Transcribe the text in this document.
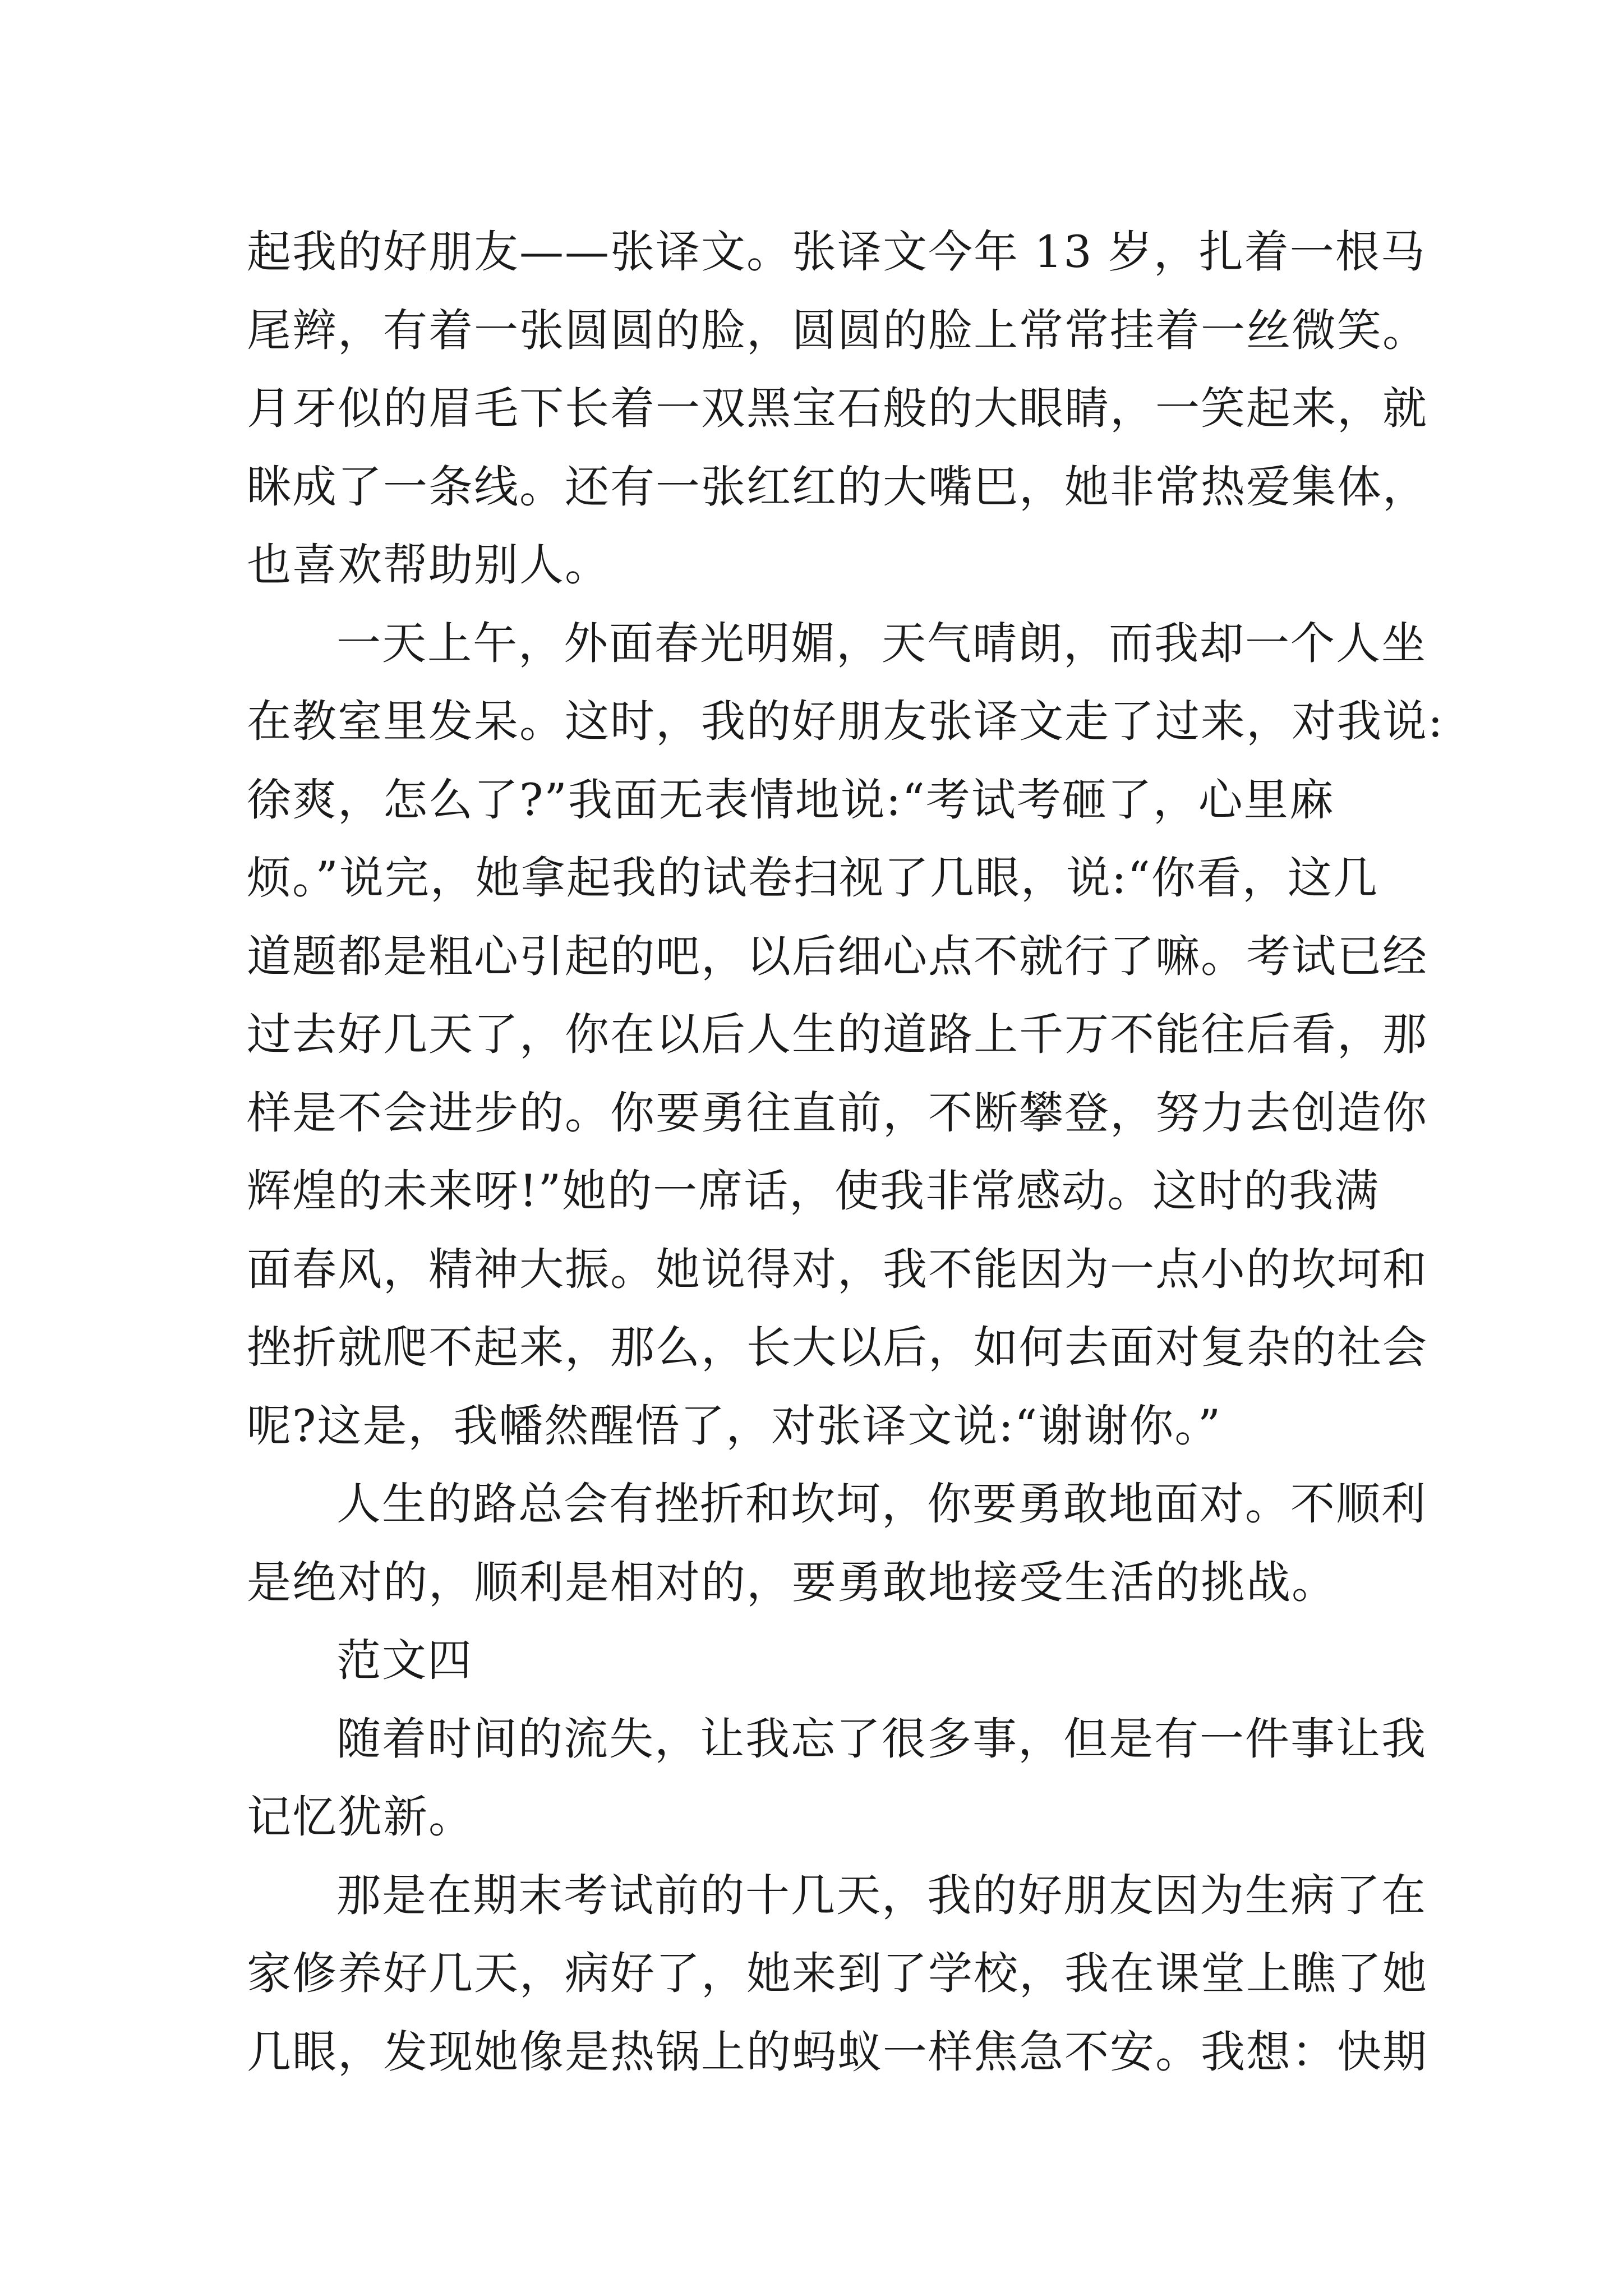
起我的好朋友——张译文。张译文今年 13 岁，扎着一根马
尾辫，有着一张圆圆的脸，圆圆的脸上常常挂着一丝微笑。
月牙似的眉毛下长着一双黑宝石般的大眼睛，一笑起来，就
眯成了一条线。还有一张红红的大嘴巴，她非常热爱集体，
也喜欢帮助别人。
一天上午，外面春光明媚，天气晴朗，而我却一个人坐
在教室里发呆。这时，我的好朋友张译文走了过来，对我说:
徐爽，怎么了?”我面无表情地说:“考试考砸了，心里麻
烦。”说完，她拿起我的试卷扫视了几眼，说:“你看，这几
道题都是粗心引起的吧，以后细心点不就行了嘛。考试已经
过去好几天了，你在以后人生的道路上千万不能往后看，那
样是不会进步的。你要勇往直前，不断攀登，努力去创造你
辉煌的未来呀!”她的一席话，使我非常感动。这时的我满
面春风，精神大振。她说得对，我不能因为一点小的坎坷和
挫折就爬不起来，那么，长大以后，如何去面对复杂的社会
呢?这是，我幡然醒悟了，对张译文说:“谢谢你。”
人生的路总会有挫折和坎坷，你要勇敢地面对。不顺利
是绝对的，顺利是相对的，要勇敢地接受生活的挑战。
范文四
随着时间的流失，让我忘了很多事，但是有一件事让我
记忆犹新。
那是在期末考试前的十几天，我的好朋友因为生病了在
家修养好几天，病好了，她来到了学校，我在课堂上瞧了她
几眼，发现她像是热锅上的蚂蚁一样焦急不安。我想：快期
